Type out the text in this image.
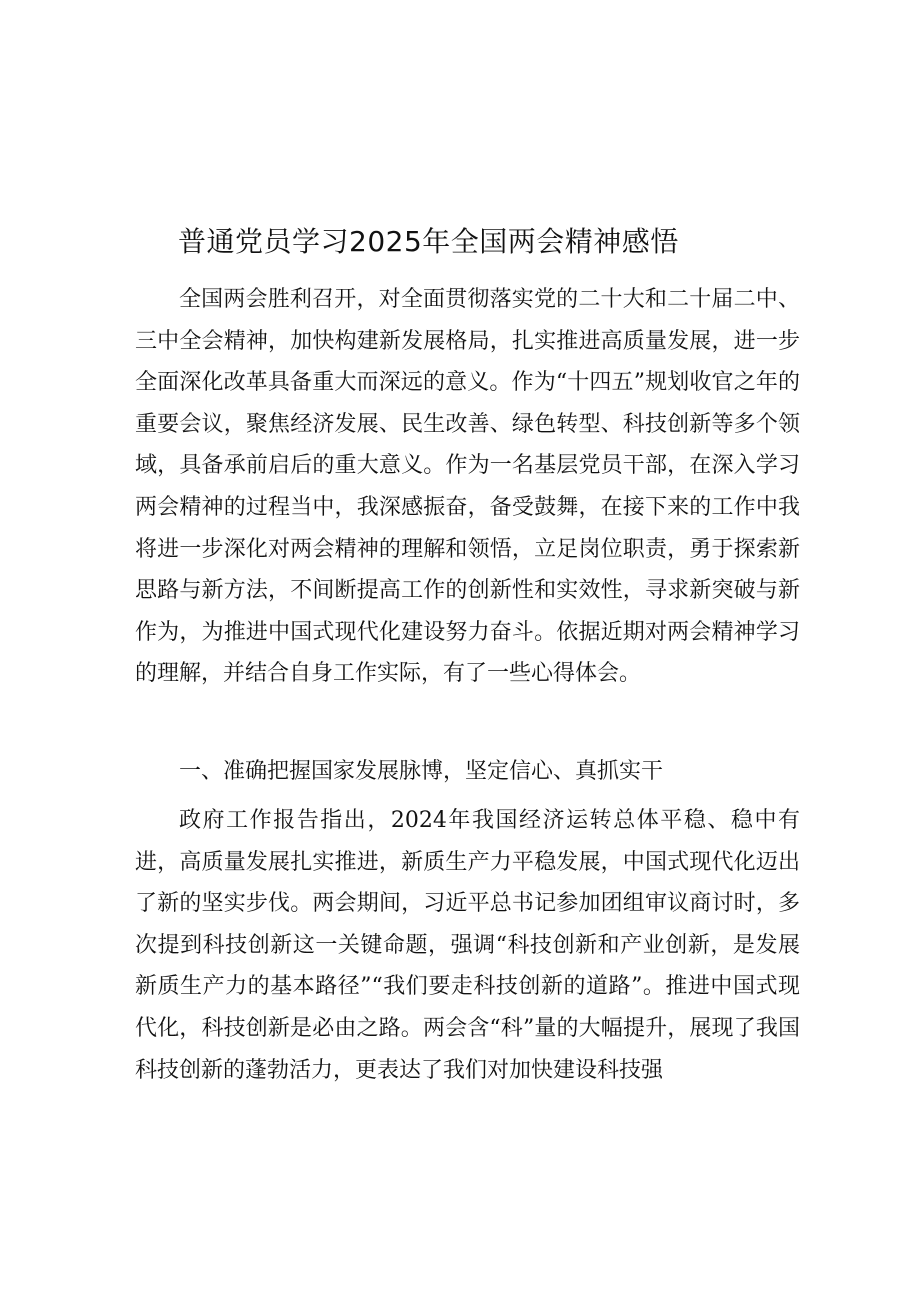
普通党员学习2025年全国两会精神感悟

全国两会胜利召开，对全面贯彻落实党的二十大和二十届二中、三中全会精神，加快构建新发展格局，扎实推进高质量发展，进一步全面深化改革具备重大而深远的意义。作为“十四五”规划收官之年的重要会议，聚焦经济发展、民生改善、绿色转型、科技创新等多个领域，具备承前启后的重大意义。作为一名基层党员干部，在深入学习两会精神的过程当中，我深感振奋，备受鼓舞，在接下来的工作中我将进一步深化对两会精神的理解和领悟，立足岗位职责，勇于探索新思路与新方法，不间断提高工作的创新性和实效性，寻求新突破与新作为，为推进中国式现代化建设努力奋斗。依据近期对两会精神学习的理解，并结合自身工作实际，有了一些心得体会。

一、准确把握国家发展脉博，坚定信心、真抓实干

政府工作报告指出，2024年我国经济运转总体平稳、稳中有进，高质量发展扎实推进，新质生产力平稳发展，中国式现代化迈出了新的坚实步伐。两会期间，习近平总书记参加团组审议商讨时，多次提到科技创新这一关键命题，强调“科技创新和产业创新，是发展新质生产力的基本路径”“我们要走科技创新的道路”。推进中国式现代化，科技创新是必由之路。两会含“科”量的大幅提升，展现了我国科技创新的蓬勃活力，更表达了我们对加快建设科技强
